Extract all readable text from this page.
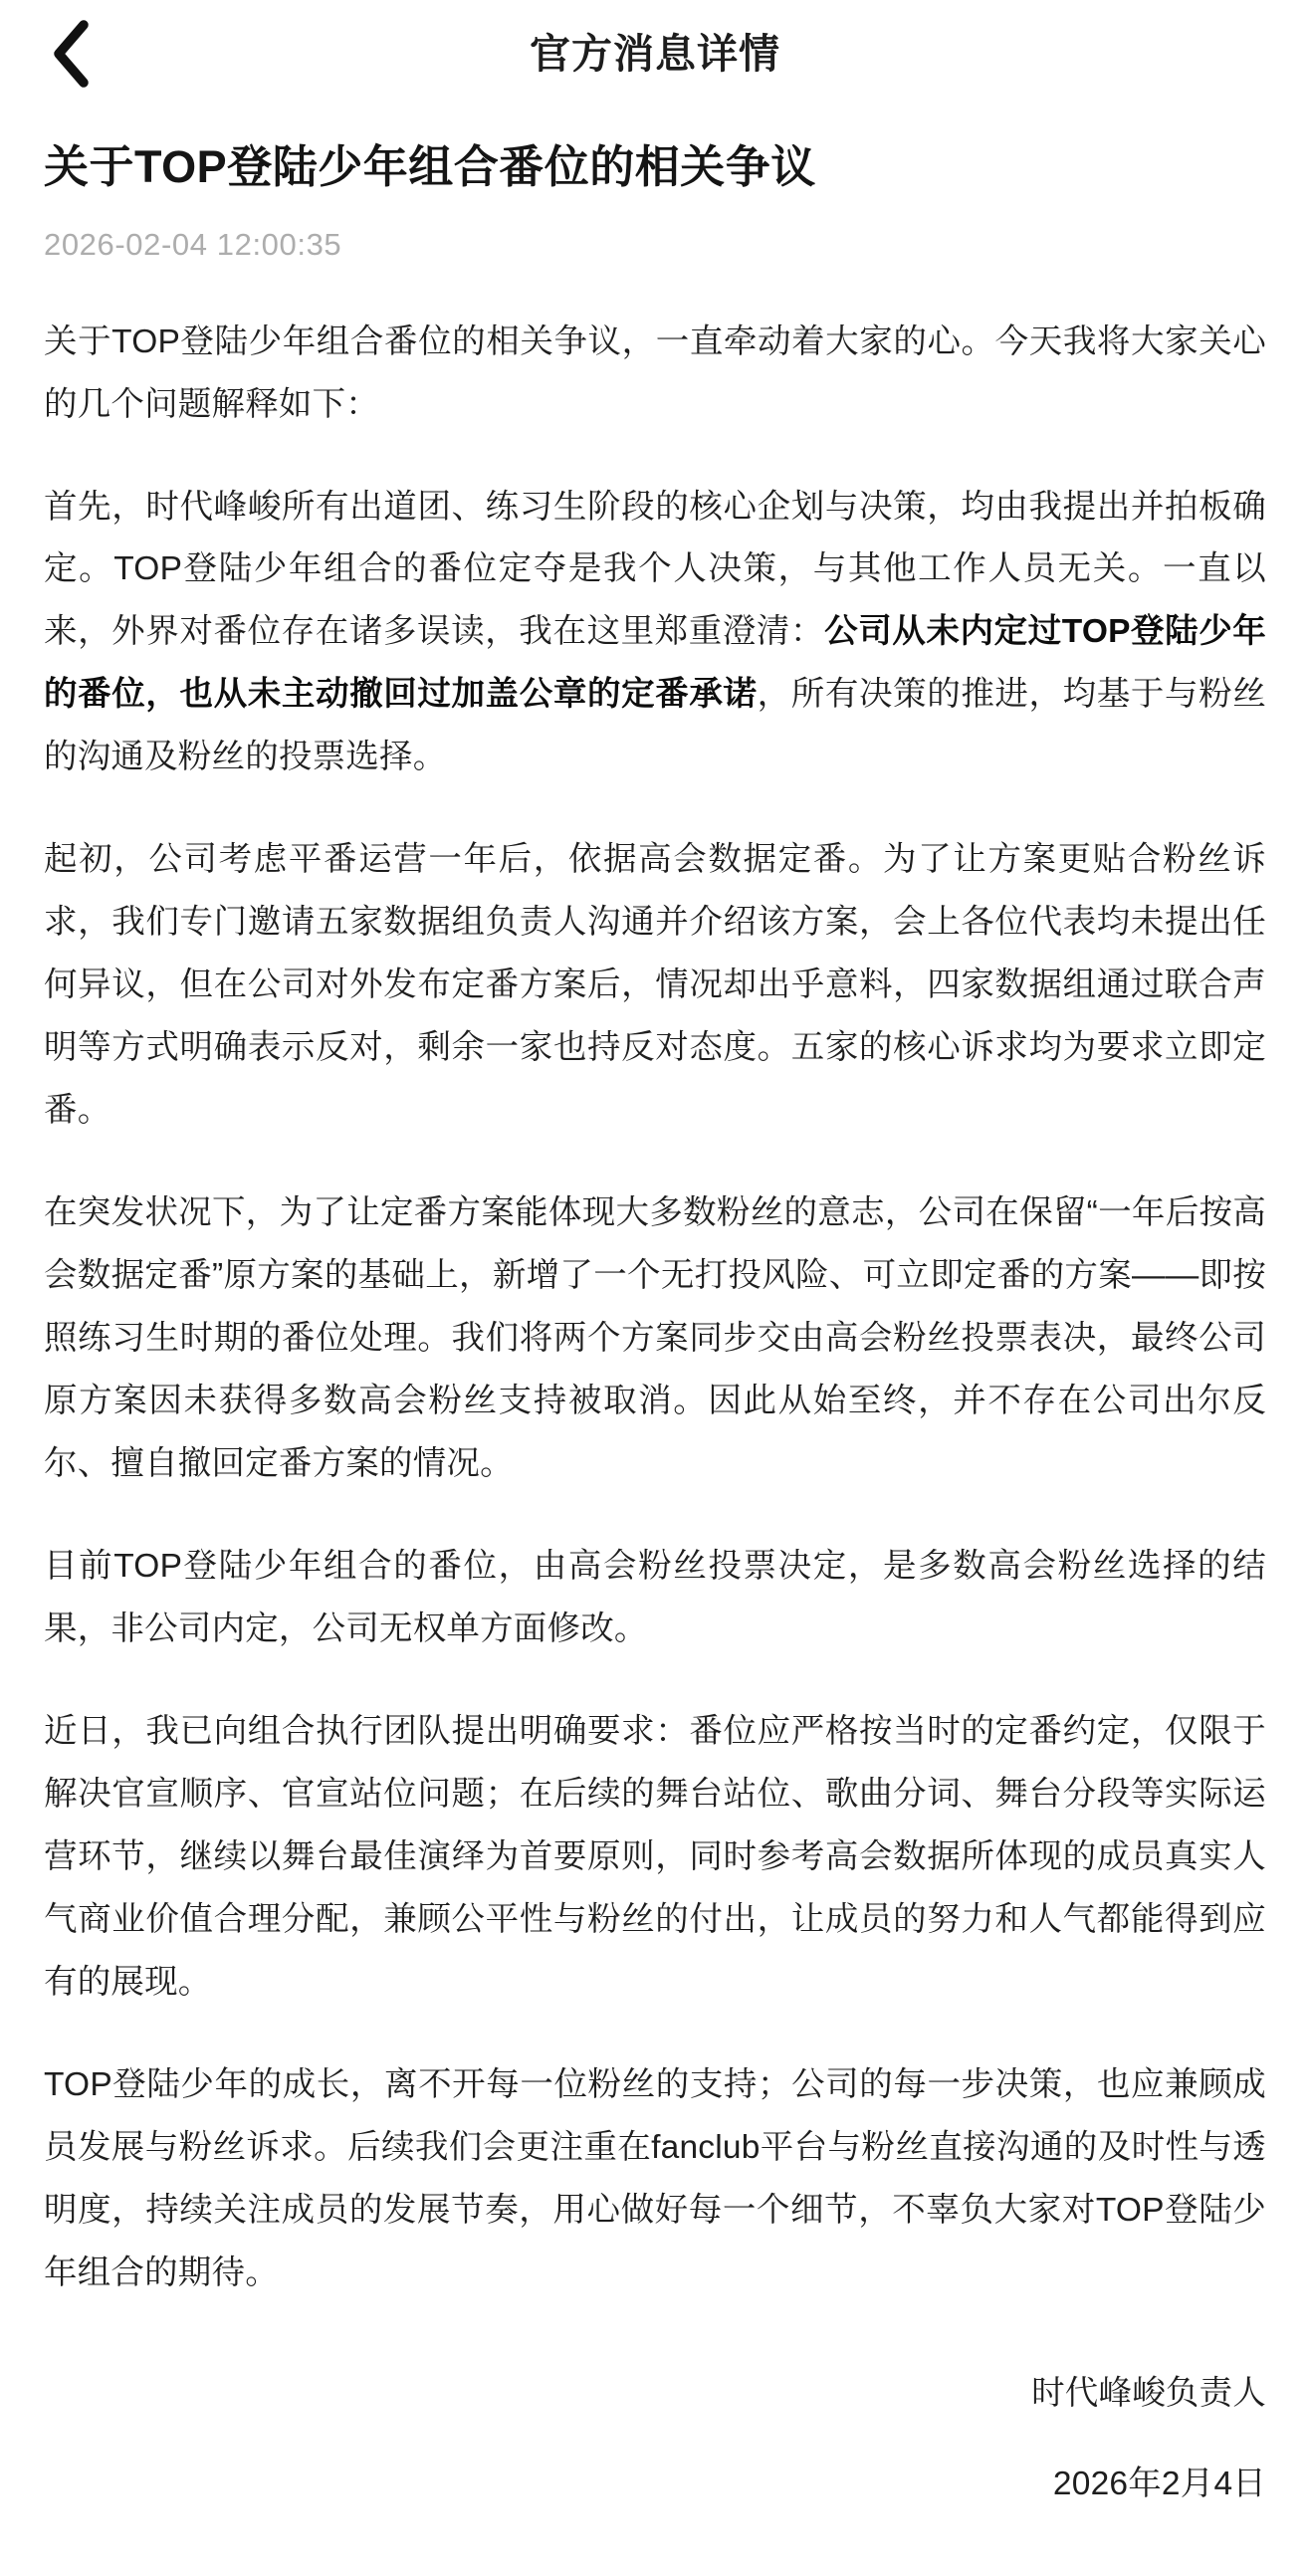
官方消息详情
关于TOP登陆少年组合番位的相关争议
2026-02-04 12:00:35

关于TOP登陆少年组合番位的相关争议，一直牵动着大家的心。今天我将大家关心的几个问题解释如下：

首先，时代峰峻所有出道团、练习生阶段的核心企划与决策，均由我提出并拍板确定。TOP登陆少年组合的番位定夺是我个人决策，与其他工作人员无关。一直以来，外界对番位存在诸多误读，我在这里郑重澄清：公司从未内定过TOP登陆少年的番位，也从未主动撤回过加盖公章的定番承诺，所有决策的推进，均基于与粉丝的沟通及粉丝的投票选择。

起初，公司考虑平番运营一年后，依据高会数据定番。为了让方案更贴合粉丝诉求，我们专门邀请五家数据组负责人沟通并介绍该方案，会上各位代表均未提出任何异议，但在公司对外发布定番方案后，情况却出乎意料，四家数据组通过联合声明等方式明确表示反对，剩余一家也持反对态度。五家的核心诉求均为要求立即定番。

在突发状况下，为了让定番方案能体现大多数粉丝的意志，公司在保留“一年后按高会数据定番”原方案的基础上，新增了一个无打投风险、可立即定番的方案——即按照练习生时期的番位处理。我们将两个方案同步交由高会粉丝投票表决，最终公司原方案因未获得多数高会粉丝支持被取消。因此从始至终，并不存在公司出尔反尔、擅自撤回定番方案的情况。

目前TOP登陆少年组合的番位，由高会粉丝投票决定，是多数高会粉丝选择的结果，非公司内定，公司无权单方面修改。

近日，我已向组合执行团队提出明确要求：番位应严格按当时的定番约定，仅限于解决官宣顺序、官宣站位问题；在后续的舞台站位、歌曲分词、舞台分段等实际运营环节，继续以舞台最佳演绎为首要原则，同时参考高会数据所体现的成员真实人气商业价值合理分配，兼顾公平性与粉丝的付出，让成员的努力和人气都能得到应有的展现。

TOP登陆少年的成长，离不开每一位粉丝的支持；公司的每一步决策，也应兼顾成员发展与粉丝诉求。后续我们会更注重在fanclub平台与粉丝直接沟通的及时性与透明度，持续关注成员的发展节奏，用心做好每一个细节，不辜负大家对TOP登陆少年组合的期待。

时代峰峻负责人
2026年2月4日
